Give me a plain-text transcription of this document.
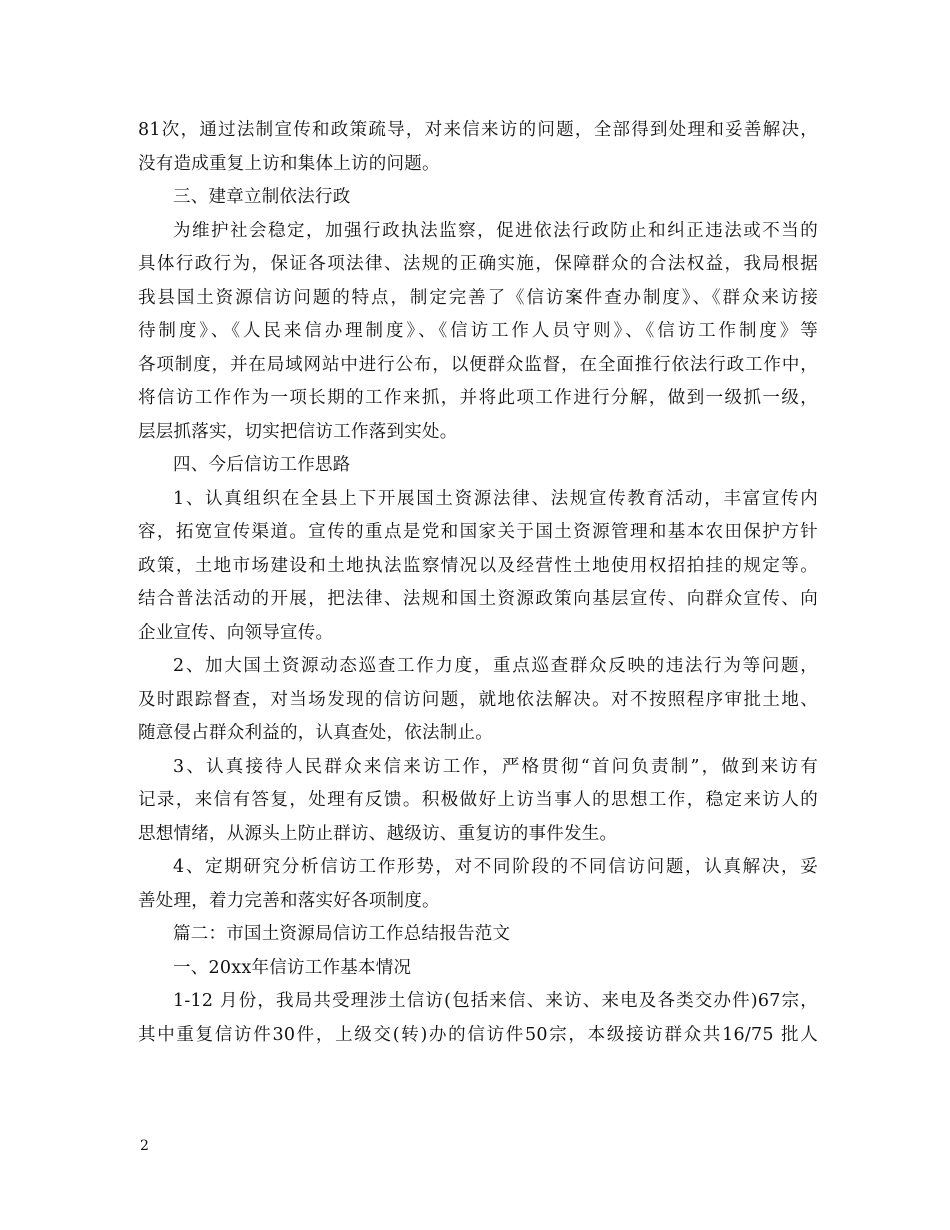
81次，通过法制宣传和政策疏导，对来信来访的问题，全部得到处理和妥善解决，
没有造成重复上访和集体上访的问题。
三、建章立制依法行政
为维护社会稳定，加强行政执法监察，促进依法行政防止和纠正违法或不当的
具体行政行为，保证各项法律、法规的正确实施，保障群众的合法权益，我局根据
我县国土资源信访问题的特点，制定完善了《信访案件查办制度》、《群众来访接
待制度》、《人民来信办理制度》、《信访工作人员守则》、《信访工作制度》等
各项制度，并在局域网站中进行公布，以便群众监督，在全面推行依法行政工作中，
将信访工作作为一项长期的工作来抓，并将此项工作进行分解，做到一级抓一级，
层层抓落实，切实把信访工作落到实处。
四、今后信访工作思路
1、认真组织在全县上下开展国土资源法律、法规宣传教育活动，丰富宣传内
容，拓宽宣传渠道。宣传的重点是党和国家关于国土资源管理和基本农田保护方针
政策，土地市场建设和土地执法监察情况以及经营性土地使用权招拍挂的规定等。
结合普法活动的开展，把法律、法规和国土资源政策向基层宣传、向群众宣传、向
企业宣传、向领导宣传。
2、加大国土资源动态巡查工作力度，重点巡查群众反映的违法行为等问题，
及时跟踪督查，对当场发现的信访问题，就地依法解决。对不按照程序审批土地、
随意侵占群众利益的，认真查处，依法制止。
3、认真接待人民群众来信来访工作，严格贯彻“首问负责制”，做到来访有
记录，来信有答复，处理有反馈。积极做好上访当事人的思想工作，稳定来访人的
思想情绪，从源头上防止群访、越级访、重复访的事件发生。
4、定期研究分析信访工作形势，对不同阶段的不同信访问题，认真解决，妥
善处理，着力完善和落实好各项制度。
篇二：市国土资源局信访工作总结报告范文
一、20xx年信访工作基本情况
1-12 月份，我局共受理涉土信访(包括来信、来访、来电及各类交办件)67宗，
其中重复信访件30件，上级交(转)办的信访件50宗，本级接访群众共16/75 批人
2
